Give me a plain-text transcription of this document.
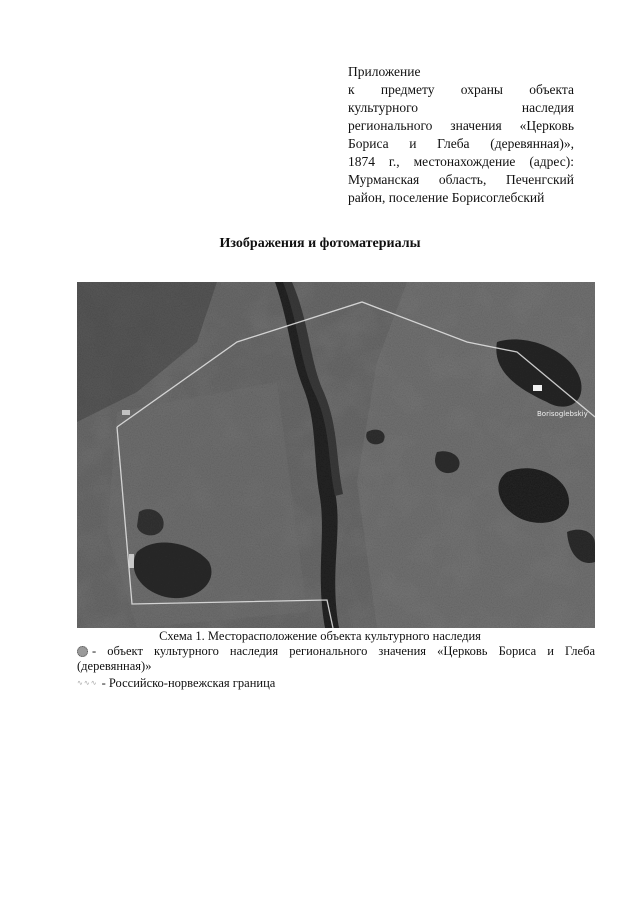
Приложение
к предмету охраны объекта
культурного наследия
регионального значения «Церковь
Бориса и Глеба (деревянная)»,
1874 г., местонахождение (адрес):
Мурманская область, Печенгский
район, поселение Борисоглебский
Изображения и фотоматериалы
Borisoglebskiy
Схема 1. Месторасположение объекта культурного наследия
- объект культурного наследия регионального значения «Церковь Бориса и Глеба
(деревянная)»
∿∿∿ - Российско-норвежская граница
